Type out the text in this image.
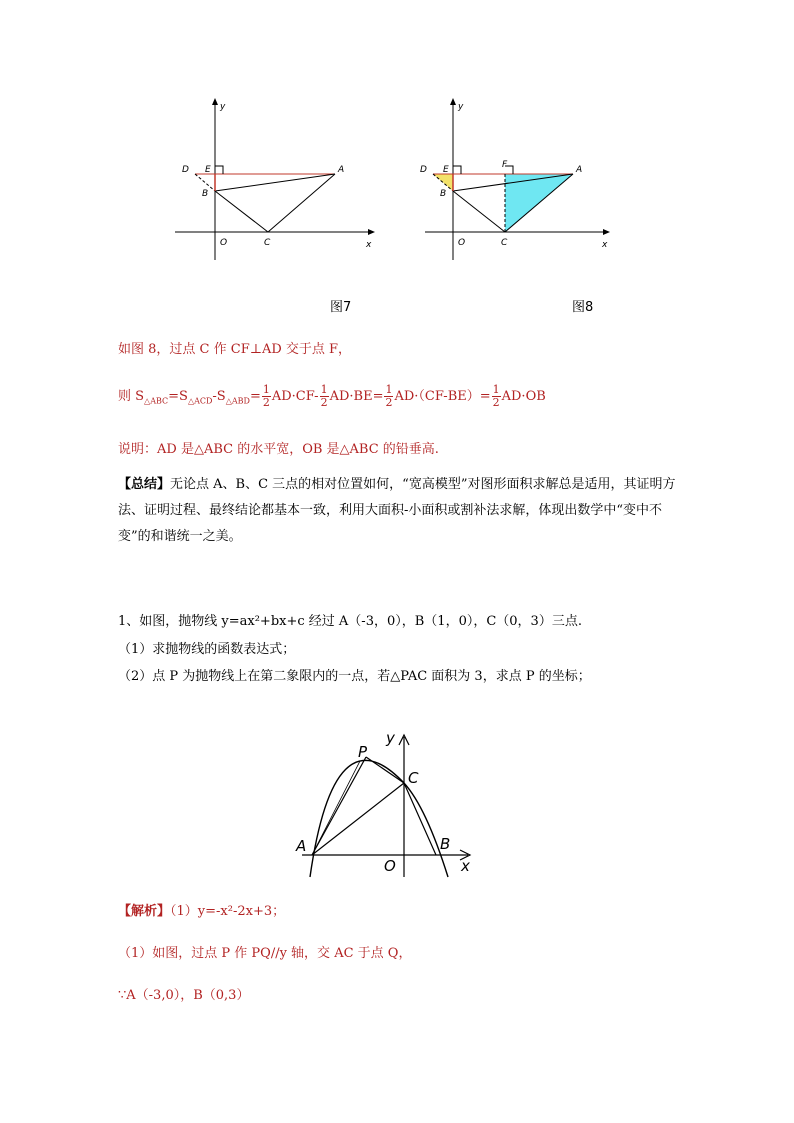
y
x
D E	A
B
O	C
图7
y
x
D E	F	A
B
O	C
图8
如图 8，过点 C 作 CF⊥AD 交于点 F，
则 $S_{\triangle ABC}=S_{\triangle ACD}-S_{\triangle ABD}= \frac{1}{2} AD\cdot CF- \frac{1}{2} AD\cdot BE= \frac{1}{2} AD\cdot(CF-BE)= \frac{1}{2} AD\cdot OB$
说明：AD 是△ABC 的水平宽，OB 是△ABC 的铅垂高.
【总结】无论点 A、B、C 三点的相对位置如何，“宽高模型”对图形面积求解总是适用，其证明方法、证明过程、最终结论都基本一致，利用大面积-小面积或割补法求解，体现出数学中“变中不变”的和谐统一之美。
1、如图，抛物线 y=ax²+bx+c 经过 A（-3，0），B（1，0），C（0，3）三点.
（1）求抛物线的函数表达式；
（2）点 P 为抛物线上在第二象限内的一点，若△PAC 面积为 3，求点 P 的坐标；
y
x
P
C
A	B
O
【解析】（1）y=-x²-2x+3；
（1）如图，过点 P 作 PQ//y 轴，交 AC 于点 Q，
∵A（-3,0），B（0,3）
